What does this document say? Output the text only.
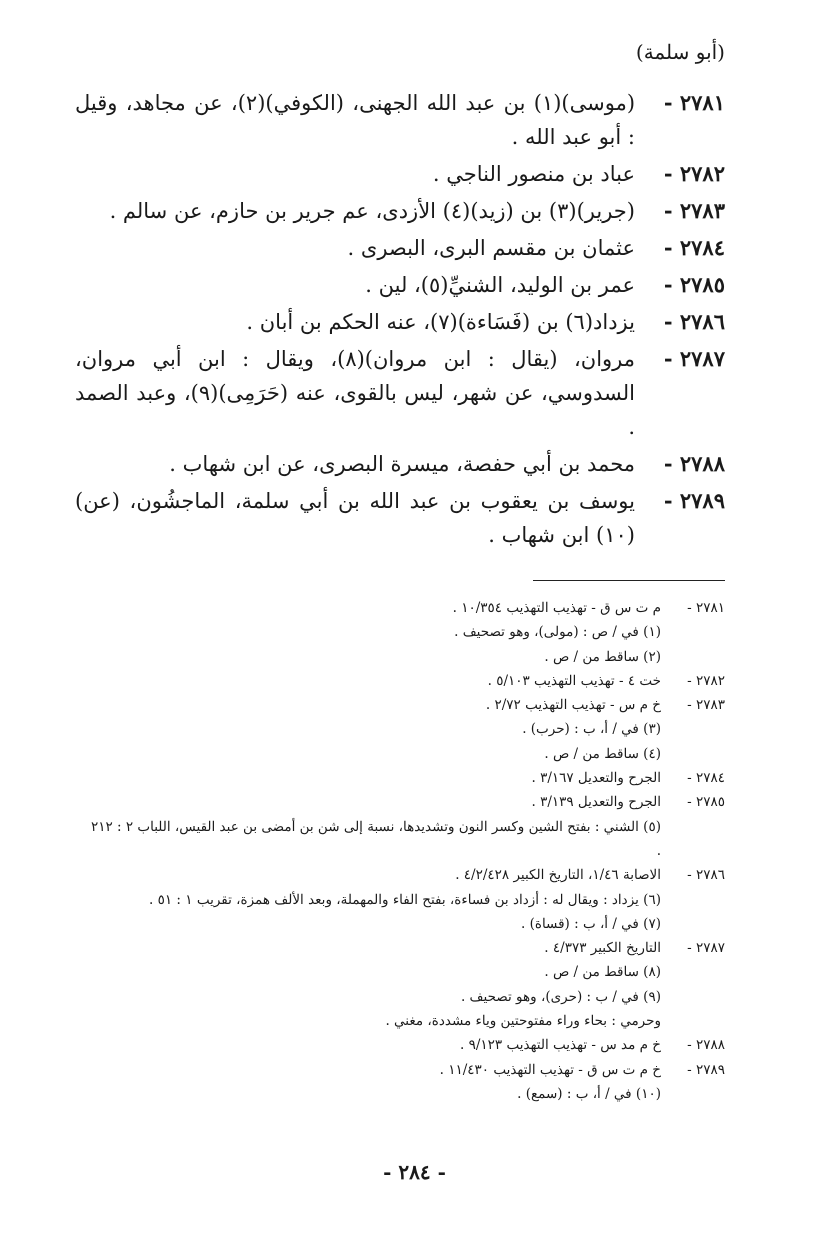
(أبو سلمة)
٢٧٨١ -
(موسى)(١) بن عبد الله الجهنى، (الكوفي)(٢)، عن مجاهد، وقيل : أبو عبد الله .
٢٧٨٢ -
عباد بن منصور الناجي .
٢٧٨٣ -
(جرير)(٣) بن (زيد)(٤) الأزدى، عم جرير بن حازم، عن سالم .
٢٧٨٤ -
عثمان بن مقسم البرى، البصرى .
٢٧٨٥ -
عمر بن الوليد، الشنيِّ(٥)، لين .
٢٧٨٦ -
يزداد(٦) بن (فَسَاءة)(٧)، عنه الحكم بن أبان .
٢٧٨٧ -
مروان، (يقال : ابن مروان)(٨)، ويقال : ابن أبي مروان، السدوسي، عن شهر، ليس بالقوى، عنه (حَرَمِى)(٩)، وعبد الصمد .
٢٧٨٨ -
محمد بن أبي حفصة، ميسرة البصرى، عن ابن شهاب .
٢٧٨٩ -
يوسف بن يعقوب بن عبد الله بن أبي سلمة، الماجشُون، (عن)(١٠) ابن شهاب .
٢٧٨١ -
م ت س ق - تهذيب التهذيب ١٠/٣٥٤ .
(١) في / ص : (مولى)، وهو تصحيف .
(٢) ساقط من / ص .
٢٧٨٢ -
خت ٤ - تهذيب التهذيب ٥/١٠٣ .
٢٧٨٣ -
خ م س - تهذيب التهذيب ٢/٧٢ .
(٣) في / أ، ب : (حرب) .
(٤) ساقط من / ص .
٢٧٨٤ -
الجرح والتعديل ٣/١٦٧ .
٢٧٨٥ -
الجرح والتعديل ٣/١٣٩ .
(٥) الشني : بفتح الشين وكسر النون وتشديدها، نسبة إلى شن بن أمضى بن عبد القيس، اللباب ٢ : ٢١٢ .
٢٧٨٦ -
الاصابة ١/٤٦، التاريخ الكبير ٤/٢/٤٢٨ .
(٦) يزداد : ويقال له : أزداد بن فساءة، بفتح الفاء والمهملة، وبعد الألف همزة، تقريب ١ : ٥١ .
(٧) في / أ، ب : (قساة) .
٢٧٨٧ -
التاريخ الكبير ٤/٣٧٣ .
(٨) ساقط من / ص .
(٩) في / ب : (حرى)، وهو تصحيف .
وحرمي : بحاء وراء مفتوحتين وياء مشددة، مغني .
٢٧٨٨ -
خ م مد س - تهذيب التهذيب ٩/١٢٣ .
٢٧٨٩ -
خ م ت س ق - تهذيب التهذيب ١١/٤٣٠ .
(١٠) في / أ، ب : (سمع) .
- ٢٨٤ -
